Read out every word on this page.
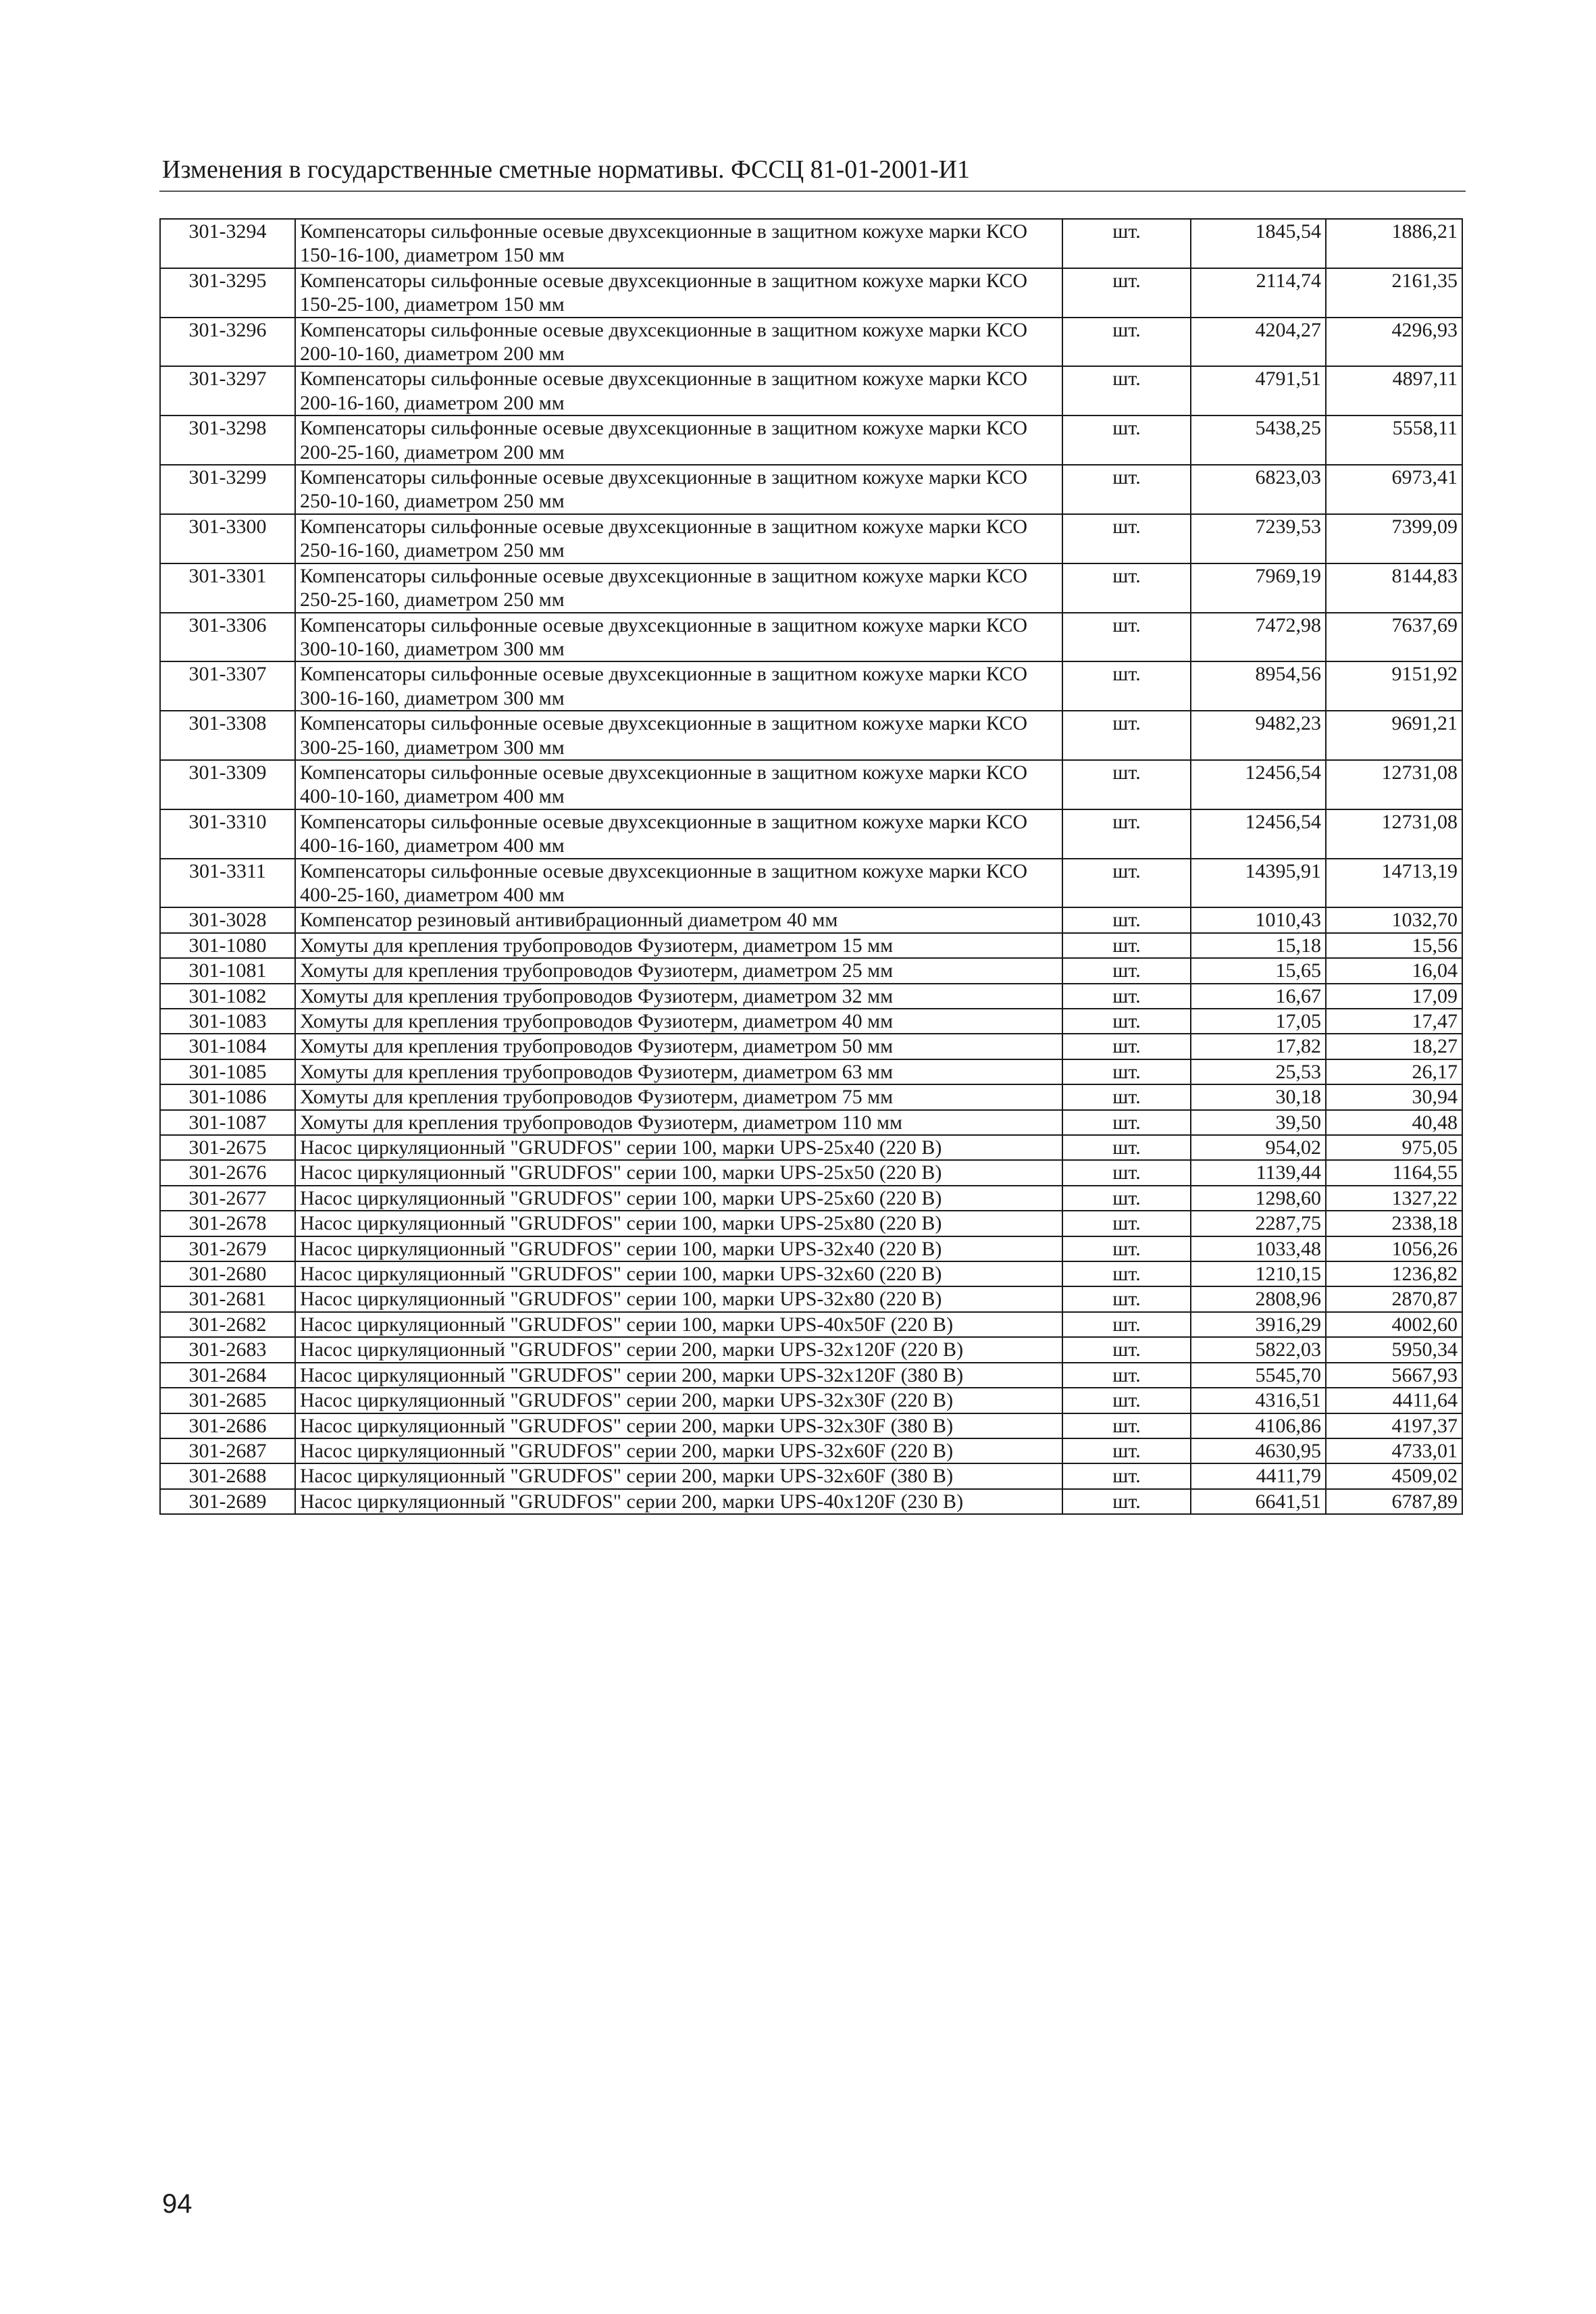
Изменения в государственные сметные нормативы. ФССЦ 81-01-2001-И1
301-3294	Компенсаторы сильфонные осевые двухсекционные в защитном кожухе марки КСО 150-16-100, диаметром 150 мм	шт.	1845,54	1886,21
301-3295	Компенсаторы сильфонные осевые двухсекционные в защитном кожухе марки КСО 150-25-100, диаметром 150 мм	шт.	2114,74	2161,35
301-3296	Компенсаторы сильфонные осевые двухсекционные в защитном кожухе марки КСО 200-10-160, диаметром 200 мм	шт.	4204,27	4296,93
301-3297	Компенсаторы сильфонные осевые двухсекционные в защитном кожухе марки КСО 200-16-160, диаметром 200 мм	шт.	4791,51	4897,11
301-3298	Компенсаторы сильфонные осевые двухсекционные в защитном кожухе марки КСО 200-25-160, диаметром 200 мм	шт.	5438,25	5558,11
301-3299	Компенсаторы сильфонные осевые двухсекционные в защитном кожухе марки КСО 250-10-160, диаметром 250 мм	шт.	6823,03	6973,41
301-3300	Компенсаторы сильфонные осевые двухсекционные в защитном кожухе марки КСО 250-16-160, диаметром 250 мм	шт.	7239,53	7399,09
301-3301	Компенсаторы сильфонные осевые двухсекционные в защитном кожухе марки КСО 250-25-160, диаметром 250 мм	шт.	7969,19	8144,83
301-3306	Компенсаторы сильфонные осевые двухсекционные в защитном кожухе марки КСО 300-10-160, диаметром 300 мм	шт.	7472,98	7637,69
301-3307	Компенсаторы сильфонные осевые двухсекционные в защитном кожухе марки КСО 300-16-160, диаметром 300 мм	шт.	8954,56	9151,92
301-3308	Компенсаторы сильфонные осевые двухсекционные в защитном кожухе марки КСО 300-25-160, диаметром 300 мм	шт.	9482,23	9691,21
301-3309	Компенсаторы сильфонные осевые двухсекционные в защитном кожухе марки КСО 400-10-160, диаметром 400 мм	шт.	12456,54	12731,08
301-3310	Компенсаторы сильфонные осевые двухсекционные в защитном кожухе марки КСО 400-16-160, диаметром 400 мм	шт.	12456,54	12731,08
301-3311	Компенсаторы сильфонные осевые двухсекционные в защитном кожухе марки КСО 400-25-160, диаметром 400 мм	шт.	14395,91	14713,19
301-3028	Компенсатор резиновый антивибрационный диаметром 40 мм	шт.	1010,43	1032,70
301-1080	Хомуты для крепления трубопроводов Фузиотерм, диаметром 15 мм	шт.	15,18	15,56
301-1081	Хомуты для крепления трубопроводов Фузиотерм, диаметром 25 мм	шт.	15,65	16,04
301-1082	Хомуты для крепления трубопроводов Фузиотерм, диаметром 32 мм	шт.	16,67	17,09
301-1083	Хомуты для крепления трубопроводов Фузиотерм, диаметром 40 мм	шт.	17,05	17,47
301-1084	Хомуты для крепления трубопроводов Фузиотерм, диаметром 50 мм	шт.	17,82	18,27
301-1085	Хомуты для крепления трубопроводов Фузиотерм, диаметром 63 мм	шт.	25,53	26,17
301-1086	Хомуты для крепления трубопроводов Фузиотерм, диаметром 75 мм	шт.	30,18	30,94
301-1087	Хомуты для крепления трубопроводов Фузиотерм, диаметром 110 мм	шт.	39,50	40,48
301-2675	Насос циркуляционный "GRUDFOS" серии 100, марки UPS-25x40 (220 В)	шт.	954,02	975,05
301-2676	Насос циркуляционный "GRUDFOS" серии 100, марки UPS-25x50 (220 В)	шт.	1139,44	1164,55
301-2677	Насос циркуляционный "GRUDFOS" серии 100, марки UPS-25x60 (220 В)	шт.	1298,60	1327,22
301-2678	Насос циркуляционный "GRUDFOS" серии 100, марки UPS-25x80 (220 В)	шт.	2287,75	2338,18
301-2679	Насос циркуляционный "GRUDFOS" серии 100, марки UPS-32x40 (220 В)	шт.	1033,48	1056,26
301-2680	Насос циркуляционный "GRUDFOS" серии 100, марки UPS-32x60 (220 В)	шт.	1210,15	1236,82
301-2681	Насос циркуляционный "GRUDFOS" серии 100, марки UPS-32x80 (220 В)	шт.	2808,96	2870,87
301-2682	Насос циркуляционный "GRUDFOS" серии 100, марки UPS-40x50F (220 В)	шт.	3916,29	4002,60
301-2683	Насос циркуляционный "GRUDFOS" серии 200, марки UPS-32x120F (220 В)	шт.	5822,03	5950,34
301-2684	Насос циркуляционный "GRUDFOS" серии 200, марки UPS-32x120F (380 В)	шт.	5545,70	5667,93
301-2685	Насос циркуляционный "GRUDFOS" серии 200, марки UPS-32x30F (220 В)	шт.	4316,51	4411,64
301-2686	Насос циркуляционный "GRUDFOS" серии 200, марки UPS-32x30F (380 В)	шт.	4106,86	4197,37
301-2687	Насос циркуляционный "GRUDFOS" серии 200, марки UPS-32x60F (220 В)	шт.	4630,95	4733,01
301-2688	Насос циркуляционный "GRUDFOS" серии 200, марки UPS-32x60F (380 В)	шт.	4411,79	4509,02
301-2689	Насос циркуляционный "GRUDFOS" серии 200, марки UPS-40x120F (230 В)	шт.	6641,51	6787,89
94
